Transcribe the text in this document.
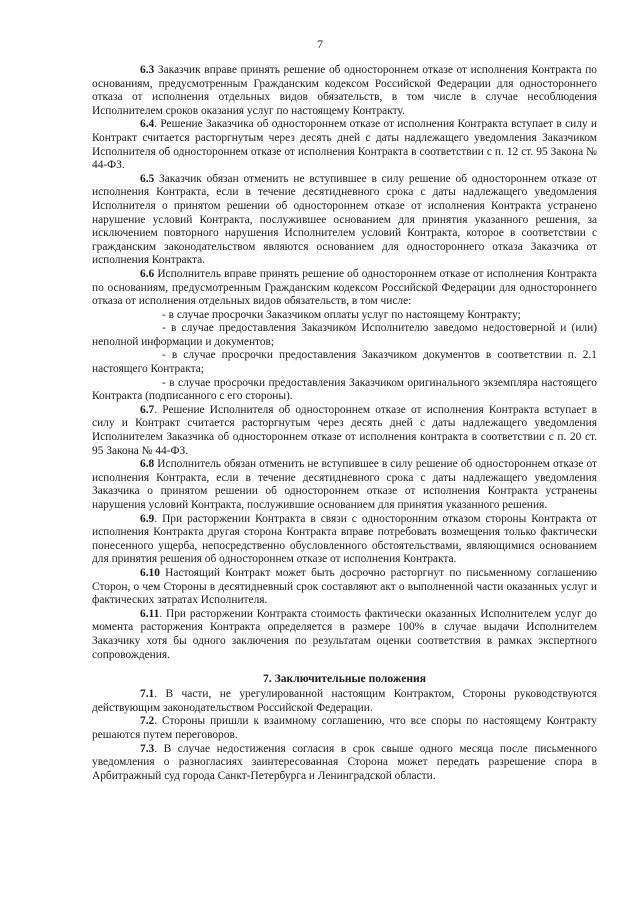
7

6.3 Заказчик вправе принять решение об одностороннем отказе от исполнения Контракта по основаниям, предусмотренным Гражданским кодексом Российской Федерации для одностороннего отказа от исполнения отдельных видов обязательств, в том числе в случае несоблюдения Исполнителем сроков оказания услуг по настоящему Контракту.

6.4. Решение Заказчика об одностороннем отказе от исполнения Контракта вступает в силу и Контракт считается расторгнутым через десять дней с даты надлежащего уведомления Заказчиком Исполнителя об одностороннем отказе от исполнения Контракта в соответствии с п. 12 ст. 95 Закона № 44-ФЗ.

6.5 Заказчик обязан отменить не вступившее в силу решение об одностороннем отказе от исполнения Контракта, если в течение десятидневного срока с даты надлежащего уведомления Исполнителя о принятом решении об одностороннем отказе от исполнения Контракта устранено нарушение условий Контракта, послужившее основанием для принятия указанного решения, за исключением повторного нарушения Исполнителем условий Контракта, которое в соответствии с гражданским законодательством являются основанием для одностороннего отказа Заказчика от исполнения Контракта.

6.6 Исполнитель вправе принять решение об одностороннем отказе от исполнения Контракта по основаниям, предусмотренным Гражданским кодексом Российской Федерации для одностороннего отказа от исполнения отдельных видов обязательств, в том числе:

- в случае просрочки Заказчиком оплаты услуг по настоящему Контракту;

- в случае предоставления Заказчиком Исполнителю заведомо недостоверной и (или) неполной информации и документов;

- в случае просрочки предоставления Заказчиком документов в соответствии п. 2.1 настоящего Контракта;

- в случае просрочки предоставления Заказчиком оригинального экземпляра настоящего Контракта (подписанного с его стороны).

6.7. Решение Исполнителя об одностороннем отказе от исполнения Контракта вступает в силу и Контракт считается расторгнутым через десять дней с даты надлежащего уведомления Исполнителем Заказчика об одностороннем отказе от исполнения контракта в соответствии с п. 20 ст. 95 Закона № 44-ФЗ.

6.8 Исполнитель обязан отменить не вступившее в силу решение об одностороннем отказе от исполнения Контракта, если в течение десятидневного срока с даты надлежащего уведомления Заказчика о принятом решении об одностороннем отказе от исполнения Контракта устранены нарушения условий Контракта, послужившие основанием для принятия указанного решения.

6.9. При расторжении Контракта в связи с односторонним отказом стороны Контракта от исполнения Контракта другая сторона Контракта вправе потребовать возмещения только фактически понесенного ущерба, непосредственно обусловленного обстоятельствами, являющимися основанием для принятия решения об одностороннем отказе от исполнения Контракта.

6.10 Настоящий Контракт может быть досрочно расторгнут по письменному соглашению Сторон, о чем Стороны в десятидневный срок составляют акт о выполненной части оказанных услуг и фактических затратах Исполнителя.

6.11. При расторжении Контракта стоимость фактически оказанных Исполнителем услуг до момента расторжения Контракта определяется в размере 100% в случае выдачи Исполнителем Заказчику хотя бы одного заключения по результатам оценки соответствия в рамках экспертного сопровождения.

7. Заключительные положения

7.1. В части, не урегулированной настоящим Контрактом, Стороны руководствуются действующим законодательством Российской Федерации.

7.2. Стороны пришли к взаимному соглашению, что все споры по настоящему Контракту решаются путем переговоров.

7.3. В случае недостижения согласия в срок свыше одного месяца после письменного уведомления о разногласиях заинтересованная Сторона может передать разрешение спора в Арбитражный суд города Санкт-Петербурга и Ленинградской области.
